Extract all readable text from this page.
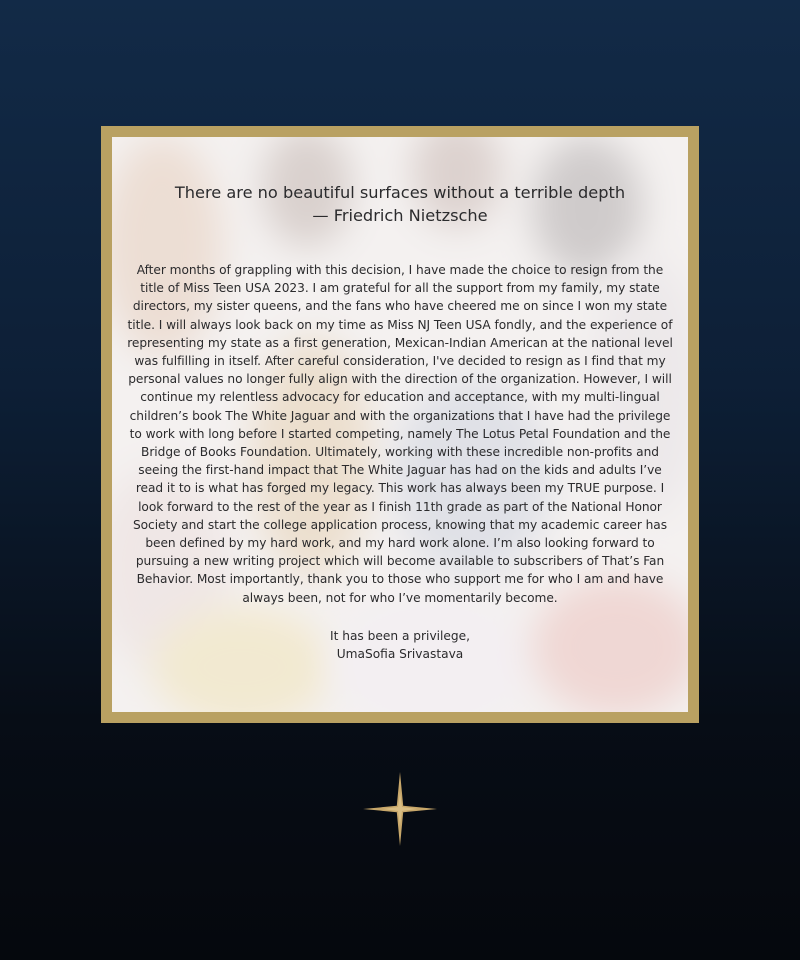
There are no beautiful surfaces without a terrible depth
— Friedrich Nietzsche

After months of grappling with this decision, I have made the choice to resign from the title of Miss Teen USA 2023. I am grateful for all the support from my family, my state directors, my sister queens, and the fans who have cheered me on since I won my state title. I will always look back on my time as Miss NJ Teen USA fondly, and the experience of representing my state as a first generation, Mexican-Indian American at the national level was fulfilling in itself. After careful consideration, I've decided to resign as I find that my personal values no longer fully align with the direction of the organization. However, I will continue my relentless advocacy for education and acceptance, with my multi-lingual children’s book The White Jaguar and with the organizations that I have had the privilege to work with long before I started competing, namely The Lotus Petal Foundation and the Bridge of Books Foundation. Ultimately, working with these incredible non-profits and seeing the first-hand impact that The White Jaguar has had on the kids and adults I’ve read it to is what has forged my legacy. This work has always been my TRUE purpose. I look forward to the rest of the year as I finish 11th grade as part of the National Honor Society and start the college application process, knowing that my academic career has been defined by my hard work, and my hard work alone. I’m also looking forward to pursuing a new writing project which will become available to subscribers of That’s Fan Behavior. Most importantly, thank you to those who support me for who I am and have always been, not for who I’ve momentarily become.

It has been a privilege,
UmaSofia Srivastava
